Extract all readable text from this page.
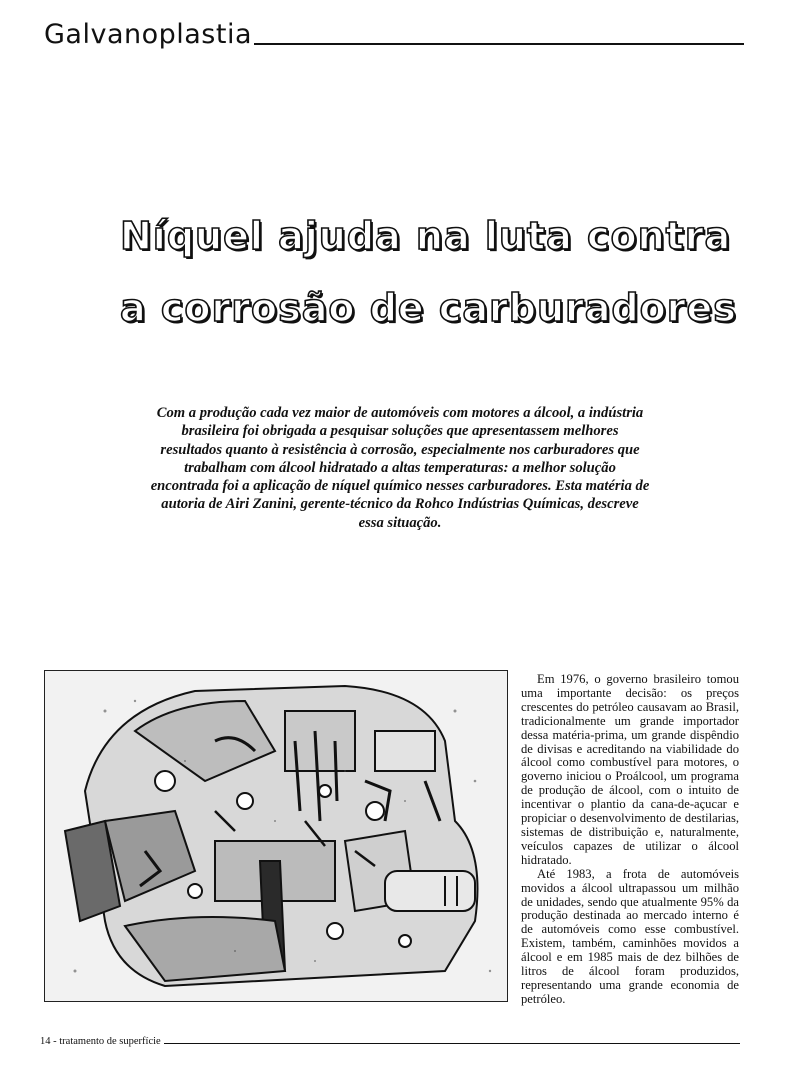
Galvanoplastia
Níquel ajuda na luta contra
a corrosão de carburadores
Com a produção cada vez maior de automóveis com motores a álcool, a indústria brasileira foi obrigada a pesquisar soluções que apresentassem melhores resultados quanto à resistência à corrosão, especialmente nos carburadores que trabalham com álcool hidratado a altas temperaturas: a melhor solução encontrada foi a aplicação de níquel químico nesses carburadores. Esta matéria de autoria de Airi Zanini, gerente-técnico da Rohco Indústrias Químicas, descreve essa situação.

Em 1976, o governo brasileiro tomou uma importante decisão: os preços crescentes do petróleo causavam ao Brasil, tradicionalmente um grande importador dessa matéria-prima, um grande dispêndio de divisas e acreditando na viabilidade do álcool como combustível para motores, o governo iniciou o Proálcool, um programa de produção de álcool, com o intuito de incentivar o plantio da cana-de-açucar e propiciar o desenvolvimento de destilarias, sistemas de distribuição e, naturalmente, veículos capazes de utilizar o álcool hidratado.

Até 1983, a frota de automóveis movidos a álcool ultrapassou um milhão de unidades, sendo que atualmente 95% da produção destinada ao mercado interno é de automóveis como esse combustível. Existem, também, caminhões movidos a álcool e em 1985 mais de dez bilhões de litros de álcool foram produzidos, representando uma grande economia de petróleo.

14 - tratamento de superfície
